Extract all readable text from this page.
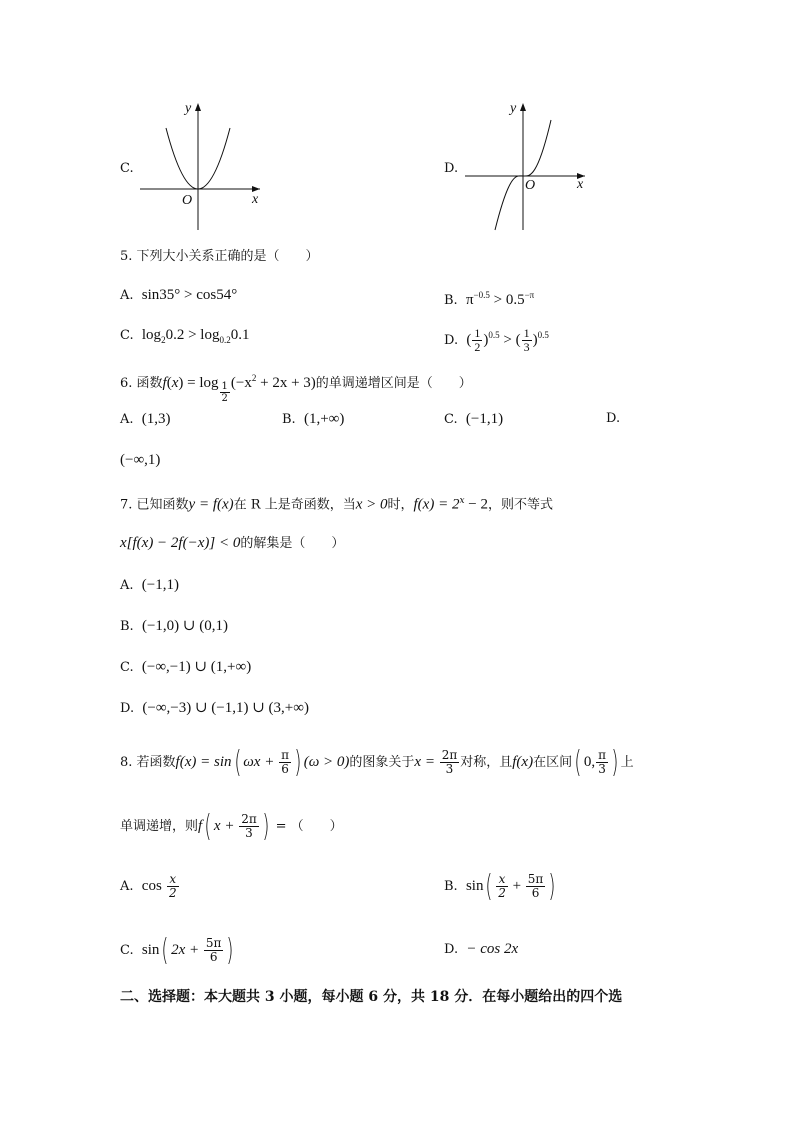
C.
y
x
O
D.
y
x
O
5. 下列大小关系正确的是（　　）
A. sin35° > cos54°	B. $\pi^{-0.5} > 0.5^{-\pi}$
C. $\log_20.2 > \log_{0.2}0.1$	D. ( $\frac{1}{2} )^{0.5}$ > ( $\frac{1}{3} )^{0.5}$
6. 函数$f(x) = \log \frac{1}{2} (-x^2 + 2x + 3)$的单调递增区间是（　　）
A. (1,3)	B. (1,+∞)	C. (−1,1)	D.
(−∞,1)
7. 已知函数y = f(x)在 R 上是奇函数，当x > 0时，$f(x) = 2^x - 2$，则不等式
x[f(x) − 2f(−x)] < 0的解集是（　　）
A. (−1,1)
B. (−1,0) ∪ (0,1)
C. (−∞,−1) ∪ (1,+∞)
D. (−∞,−3) ∪ (−1,1) ∪ (3,+∞)
8. 若函数f(x) = sin( $\omega x + \frac{\pi}{6}$ ) (ω > 0)的图象关于$x = \frac{2\pi}{3}$ 对称，且f(x)在区间( 0, $\frac{\pi}{3}$ ) 上
单调递增，则f( $x + \frac{2\pi}{3}$ ) = （　　）
A. $\cos \frac{x}{2}$	B. $\sin( \frac{x}{2} + \frac{5\pi}{6}$ )
C. sin( $2x + \frac{5\pi}{6}$ )	D. − cos 2x
二、选择题：本大题共 3 小题，每小题 6 分，共 18 分．在每小题给出的四个选
